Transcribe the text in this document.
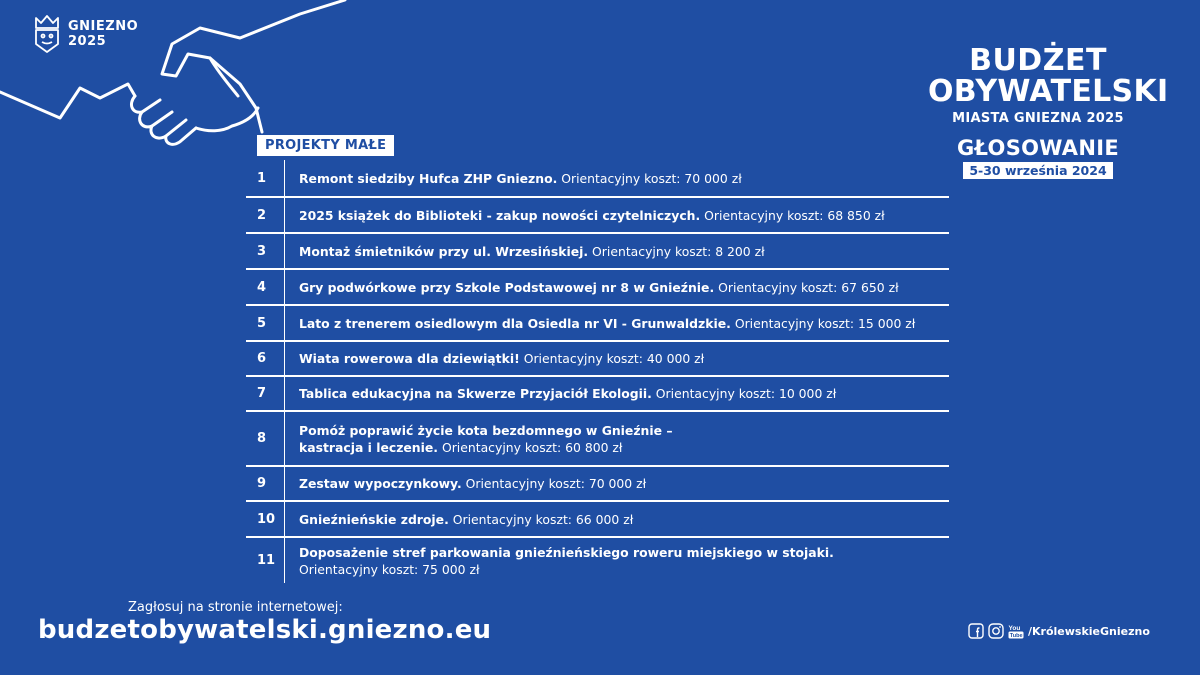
GNIEZNO
2025
BUDŻET
OBYWATELSKI
MIASTA GNIEZNA 2025
GŁOSOWANIE
5-30 września 2024
PROJEKTY MAŁE
1	Remont siedziby Hufca ZHP Gniezno. Orientacyjny koszt: 70 000 zł
2	2025 książek do Biblioteki - zakup nowości czytelniczych. Orientacyjny koszt: 68 850 zł
3	Montaż śmietników przy ul. Wrzesińskiej. Orientacyjny koszt: 8 200 zł
4	Gry podwórkowe przy Szkole Podstawowej nr 8 w Gnieźnie. Orientacyjny koszt: 67 650 zł
5	Lato z trenerem osiedlowym dla Osiedla nr VI - Grunwaldzkie. Orientacyjny koszt: 15 000 zł
6	Wiata rowerowa dla dziewiątki! Orientacyjny koszt: 40 000 zł
7	Tablica edukacyjna na Skwerze Przyjaciół Ekologii. Orientacyjny koszt: 10 000 zł
8
Pomóż poprawić życie kota bezdomnego w Gnieźnie –
kastracja i leczenie. Orientacyjny koszt: 60 800 zł
9	Zestaw wypoczynkowy. Orientacyjny koszt: 70 000 zł
10	Gnieźnieńskie zdroje. Orientacyjny koszt: 66 000 zł
11
Doposażenie stref parkowania gnieźnieńskiego roweru miejskiego w stojaki.
Orientacyjny koszt: 75 000 zł
Zagłosuj na stronie internetowej:
budzetobywatelski.gniezno.eu	You
Tube /KrólewskieGniezno
